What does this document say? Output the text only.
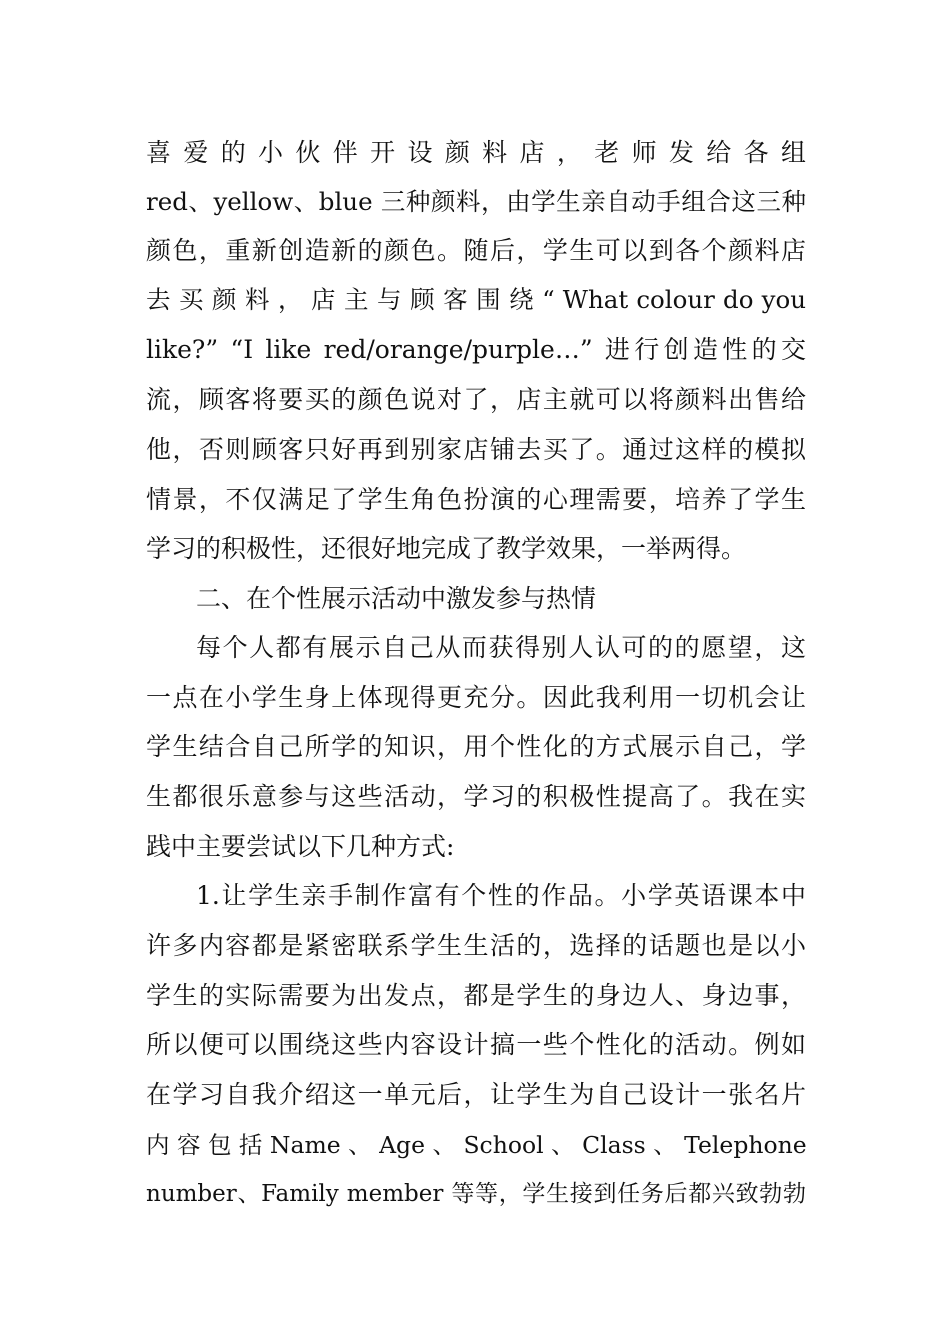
喜 爱 的 小 伙 伴 开 设 颜 料 店 ， 老 师 发 给 各 组
red、yellow、blue 三种颜料，由学生亲自动手组合这三种
颜色，重新创造新的颜色。随后，学生可以到各个颜料店
去 买 颜 料 ， 店 主 与 顾 客 围 绕 “ What colour do you
like?” “I like red/orange/purple…” 进行创造性的交
流，顾客将要买的颜色说对了，店主就可以将颜料出售给
他，否则顾客只好再到别家店铺去买了。通过这样的模拟
情景，不仅满足了学生角色扮演的心理需要，培养了学生
学习的积极性，还很好地完成了教学效果，一举两得。
二、在个性展示活动中激发参与热情
每个人都有展示自己从而获得别人认可的的愿望，这
一点在小学生身上体现得更充分。因此我利用一切机会让
学生结合自己所学的知识，用个性化的方式展示自己，学
生都很乐意参与这些活动，学习的积极性提高了。我在实
践中主要尝试以下几种方式:
1.让学生亲手制作富有个性的作品。小学英语课本中
许多内容都是紧密联系学生生活的，选择的话题也是以小
学生的实际需要为出发点，都是学生的身边人、身边事，
所以便可以围绕这些内容设计搞一些个性化的活动。例如
在学习自我介绍这一单元后，让学生为自己设计一张名片
内 容 包 括 Name 、 Age 、 School 、 Class 、 Telephone
number、Family member 等等，学生接到任务后都兴致勃勃
